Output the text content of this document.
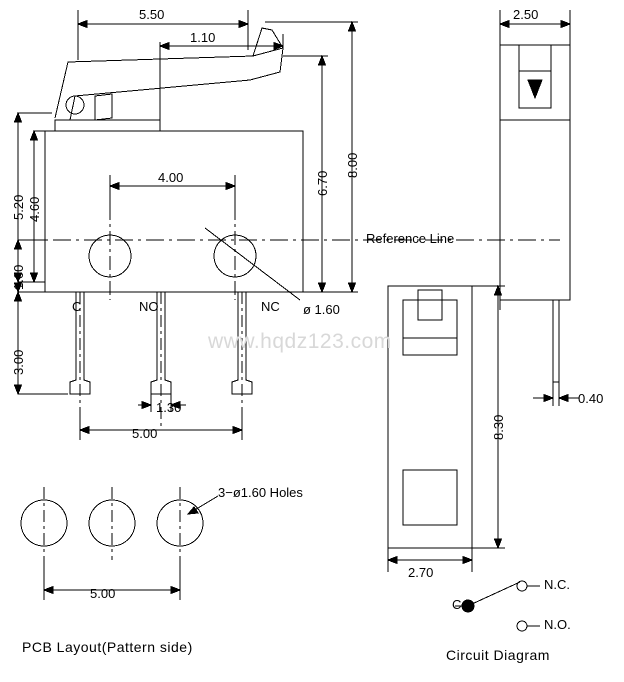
5.50
1.10
4.00
1.30
5.00
5.20 4.60
1.60
3.00
8.00
6.70
Reference Line
C	NO	NC ø 1.60
2.50
0.40
8.30
2.70
3−ø1.60 Holes
5.00
PCB Layout(Pattern side)
C
N.C.
N.O.
Circuit Diagram
www.hqdz123.com
